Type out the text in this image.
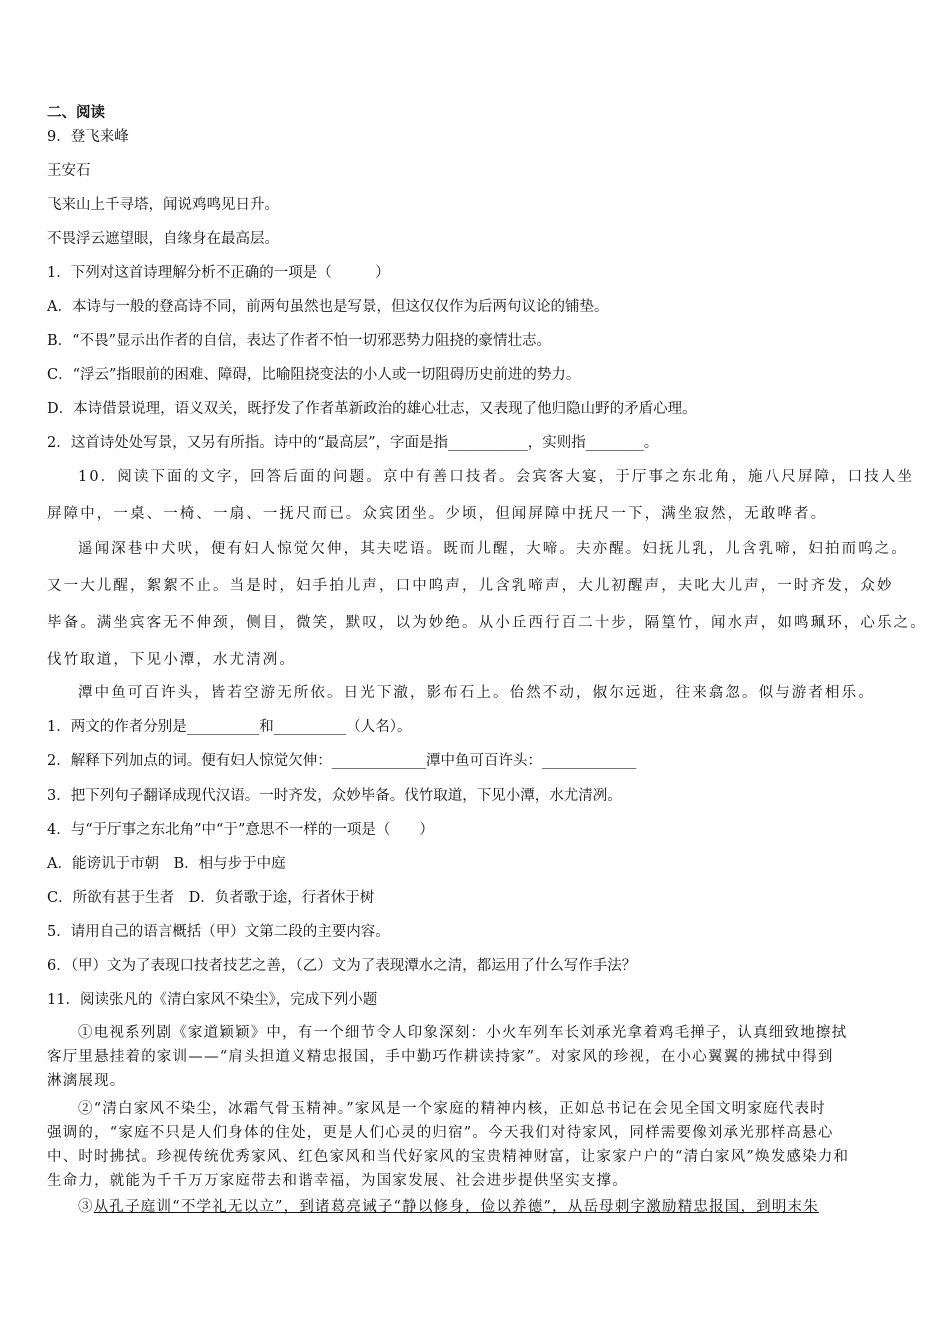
二、阅读
9．登飞来峰
王安石
飞来山上千寻塔，闻说鸡鸣见日升。
不畏浮云遮望眼，自缘身在最高层。
1．下列对这首诗理解分析不正确的一项是（　　　）
A．本诗与一般的登高诗不同，前两句虽然也是写景，但这仅仅作为后两句议论的铺垫。
B．“不畏”显示出作者的自信，表达了作者不怕一切邪恶势力阻挠的豪情壮志。
C．“浮云”指眼前的困难、障碍，比喻阻挠变法的小人或一切阻碍历史前进的势力。
D．本诗借景说理，语义双关，既抒发了作者革新政治的雄心壮志，又表现了他归隐山野的矛盾心理。
2．这首诗处处写景，又另有所指。诗中的“最高层”，字面是指___________，实则指________。
10．阅读下面的文字，回答后面的问题。京中有善口技者。会宾客大宴，于厅事之东北角，施八尺屏障，口技人坐
屏障中，一桌、一椅、一扇、一抚尺而已。众宾团坐。少顷，但闻屏障中抚尺一下，满坐寂然，无敢哗者。
遥闻深巷中犬吠，便有妇人惊觉欠伸，其夫呓语。既而儿醒，大啼。夫亦醒。妇抚儿乳，儿含乳啼，妇拍而呜之。
又一大儿醒，絮絮不止。当是时，妇手拍儿声，口中呜声，儿含乳啼声，大儿初醒声，夫叱大儿声，一时齐发，众妙
毕备。满坐宾客无不伸颈，侧目，微笑，默叹，以为妙绝。从小丘西行百二十步，隔篁竹，闻水声，如鸣珮环，心乐之。
伐竹取道，下见小潭，水尤清冽。
潭中鱼可百许头，皆若空游无所依。日光下澈，影布石上。佁然不动，俶尔远逝，往来翕忽。似与游者相乐。
1．两文的作者分别是__________和__________（人名）。
2．解释下列加点的词。便有妇人惊觉欠伸：_____________潭中鱼可百许头：_____________
3．把下列句子翻译成现代汉语。一时齐发，众妙毕备。伐竹取道，下见小潭，水尤清冽。
4．与“于厅事之东北角”中“于”意思不一样的一项是（　　）
A．能谤讥于市朝　B．相与步于中庭
C．所欲有甚于生者　D．负者歌于途，行者休于树
5．请用自己的语言概括（甲）文第二段的主要内容。
6．（甲）文为了表现口技者技艺之善，（乙）文为了表现潭水之清，都运用了什么写作手法？
11．阅读张凡的《清白家风不染尘》，完成下列小题
①电视系列剧《家道颖颖》中，有一个细节令人印象深刻：小火车列车长刘承光拿着鸡毛掸子，认真细致地擦拭
客厅里悬挂着的家训——“肩头担道义精忠报国，手中勤巧作耕读持家”。对家风的珍视，在小心翼翼的拂拭中得到
淋漓展现。
②“清白家风不染尘，冰霜气骨玉精神。”家风是一个家庭的精神内核，正如总书记在会见全国文明家庭代表时
强调的，“家庭不只是人们身体的住处，更是人们心灵的归宿”。今天我们对待家风，同样需要像刘承光那样高悬心
中、时时拂拭。珍视传统优秀家风、红色家风和当代好家风的宝贵精神财富，让家家户户的“清白家风”焕发感染力和
生命力，就能为千千万万家庭带去和谐幸福，为国家发展、社会进步提供坚实支撑。
③从孔子庭训“不学礼无以立”，到诸葛亮诫子“静以修身，俭以养德”，从岳母刺字激励精忠报国，到明末朱
